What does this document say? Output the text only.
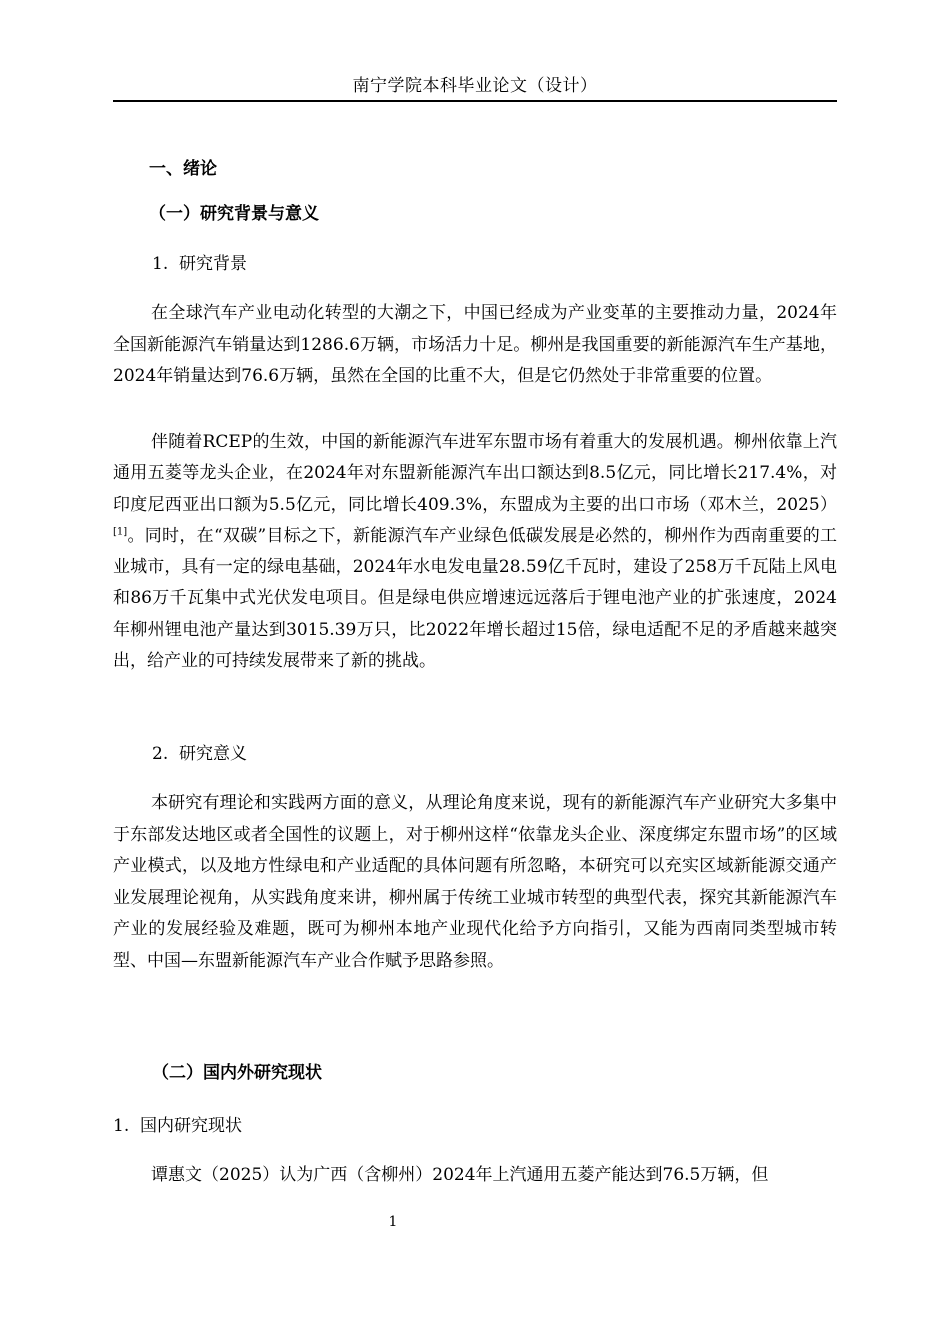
南宁学院本科毕业论文（设计）
一、绪论
（一）研究背景与意义
1.  研究背景
在全球汽车产业电动化转型的大潮之下，中国已经成为产业变革的主要推动力量，2024年全国新能源汽车销量达到1286.6万辆，市场活力十足。柳州是我国重要的新能源汽车生产基地，2024年销量达到76.6万辆，虽然在全国的比重不大，但是它仍然处于非常重要的位置。
伴随着RCEP的生效，中国的新能源汽车进军东盟市场有着重大的发展机遇。柳州依靠上汽通用五菱等龙头企业，在2024年对东盟新能源汽车出口额达到8.5亿元，同比增长217.4%，对印度尼西亚出口额为5.5亿元，同比增长409.3%，东盟成为主要的出口市场（邓木兰，2025）[1]。同时，在“双碳”目标之下，新能源汽车产业绿色低碳发展是必然的，柳州作为西南重要的工业城市，具有一定的绿电基础，2024年水电发电量28.59亿千瓦时，建设了258万千瓦陆上风电和86万千瓦集中式光伏发电项目。但是绿电供应增速远远落后于锂电池产业的扩张速度，2024年柳州锂电池产量达到3015.39万只，比2022年增长超过15倍，绿电适配不足的矛盾越来越突出，给产业的可持续发展带来了新的挑战。
2.  研究意义
本研究有理论和实践两方面的意义，从理论角度来说，现有的新能源汽车产业研究大多集中于东部发达地区或者全国性的议题上，对于柳州这样“依靠龙头企业、深度绑定东盟市场”的区域产业模式，以及地方性绿电和产业适配的具体问题有所忽略，本研究可以充实区域新能源交通产业发展理论视角，从实践角度来讲，柳州属于传统工业城市转型的典型代表，探究其新能源汽车产业的发展经验及难题，既可为柳州本地产业现代化给予方向指引，又能为西南同类型城市转型、中国—东盟新能源汽车产业合作赋予思路参照。
（二）国内外研究现状
1.  国内研究现状
谭惠文（2025）认为广西（含柳州）2024年上汽通用五菱产能达到76.5万辆，但
1
